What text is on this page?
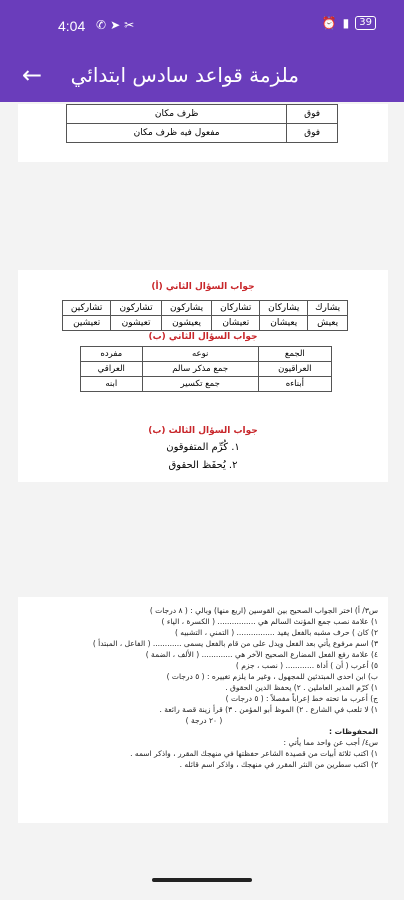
4:04 ✆➤✂	⏰ ▮	39
← ملزمة قواعد سادس ابتدائي
ظرف مكان	فوق
مفعول فيه ظرف مكان	فوق
جواب السؤال الثاني (أ)
يشارك	يشاركان	تشاركان	يشاركون	تشاركون	تشاركين
يعيش	يعيشان	تعيشان	يعيشون	تعيشون	تعيشين
جواب السؤال الثاني (ب)
الجمع	نوعه	مفرده
العراقيون	جمع مذكر سالم	العراقي
أبناءه	جمع تكسير	ابنه
جواب السؤال الثالث (ب)
١. كُرِّم المتفوقون
٢. يُحفَظ الحقوق
س٣/ أ) اختر الجواب الصحيح بين القوسين (اربع منها) وبالي : ( ٨ درجات )
١) علامة نصب جمع المؤنث السالم هي ................ ( الكسرة ، الياء )
٢) كان ) حرف مشبه بالفعل يفيد ................ ( التمني ، التشبيه )
٣) اسم مرفوع يأتي بعد الفعل ويدل على من قام بالفعل يسمى ............ ( الفاعل ، المبتدأ )
٤) علامة رفع الفعل المضارع الصحيح الآخر هي ............. ( الألف ، الضمة )
٥) أعرب ( أن ) أداة ............ ( نصب ، جزم )
ب) ابن احدى المبتدئين للمجهول ، وغير ما يلزم تغييره : ( ٥ درجات )
١) كرّم المدير العاملين . ٢) يحفظ الدين الحقوق .
ج) أعرب ما تحته خط إعراباً مفصلاً : ( ٥ درجات )
١) لا تلعب في الشارع . ٢) الموظ أبو المؤمن . ٣) قرأ زينة قصة رائعة .
( ٢٠ درجة )
المحفوظات :
س٤/ أجب عن واحد مما يأتي :
١) اكتب ثلاثة أبيات من قصيدة الشاعر حفظتها في منهجك المقرر ، واذكر اسمه .
٢) اكتب سطرين من النثر المقرر في منهجك ، واذكر اسم قائله .
